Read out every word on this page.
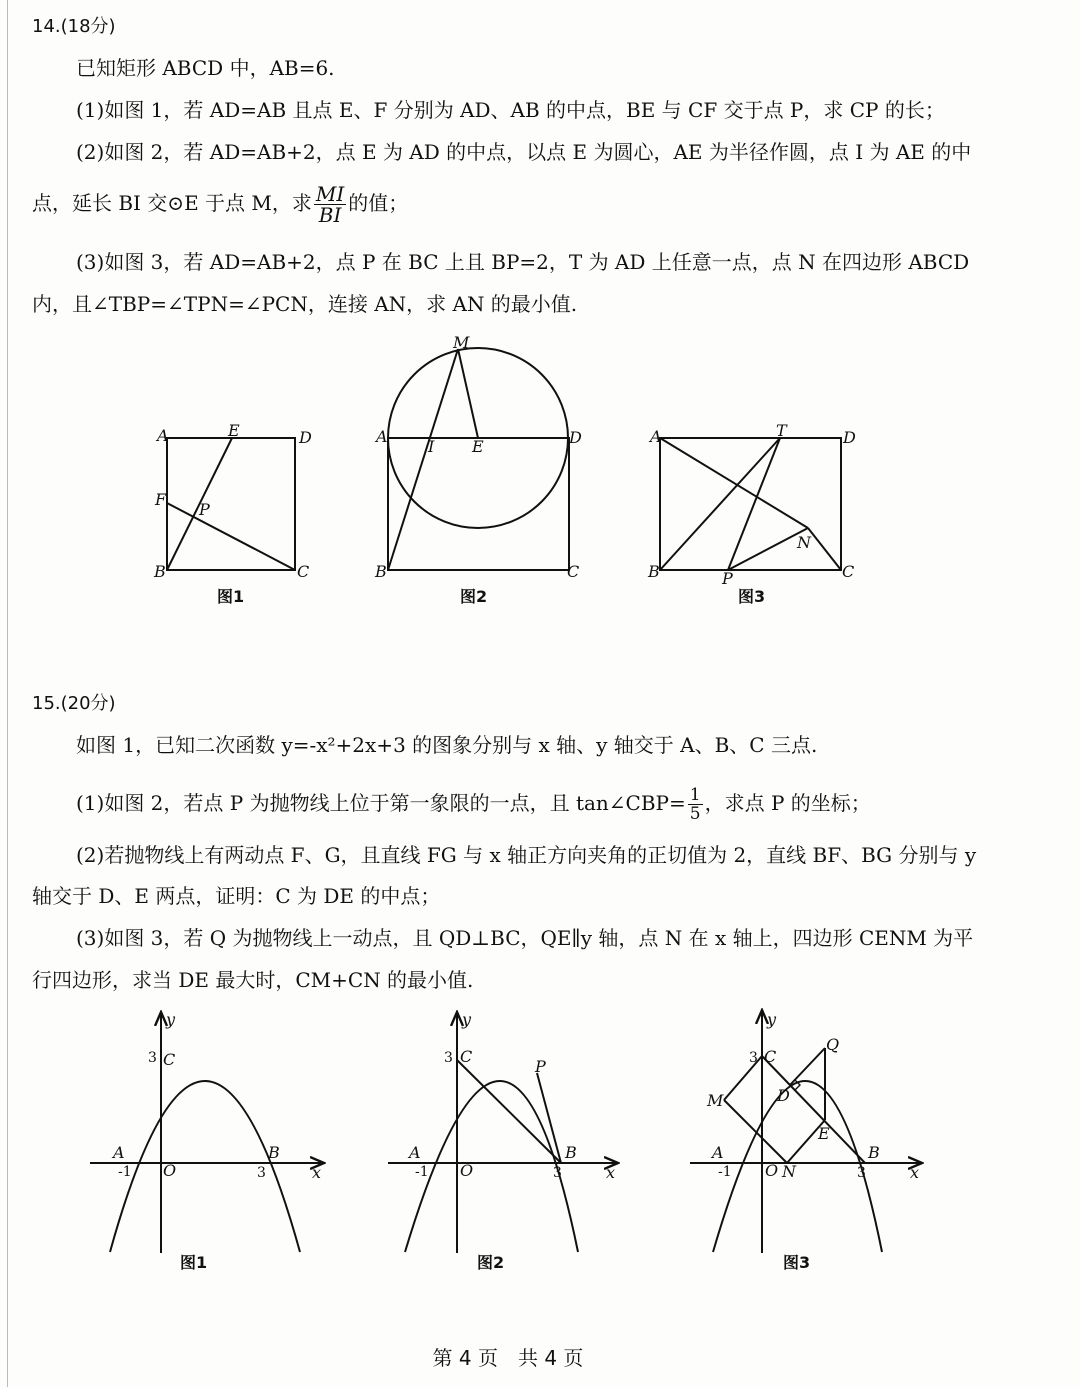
14.(18分)
已知矩形 ABCD 中，AB=6.
(1)如图 1，若 AD=AB 且点 E、F 分别为 AD、AB 的中点，BE 与 CF 交于点 P，求 CP 的长；
(2)如图 2，若 AD=AB+2，点 E 为 AD 的中点，以点 E 为圆心，AE 为半径作圆，点 I 为 AE 的中
点，延长 BI 交⊙E 于点 M，求 $\frac{MI}{BI}$ 的值；
(3)如图 3，若 AD=AB+2，点 P 在 BC 上且 BP=2，T 为 AD 上任意一点，点 N 在四边形 ABCD
内，且∠TBP=∠TPN=∠PCN，连接 AN，求 AN 的最小值.
A	E	D
F
P
B	C
图1
M
A
I E	D
B	C
图2
A	T	D
N
B	P	C
图3
15.(20分)
如图 1，已知二次函数 y=-x²+2x+3 的图象分别与 x 轴、y 轴交于 A、B、C 三点.
(1)如图 2，若点 P 为抛物线上位于第一象限的一点，且 tan∠CBP= $\frac{1}{5}$ ，求点 P 的坐标；
(2)若抛物线上有两动点 F、G，且直线 FG 与 x 轴正方向夹角的正切值为 2，直线 BF、BG 分别与 y
轴交于 D、E 两点，证明：C 为 DE 的中点；
(3)如图 3，若 Q 为抛物线上一动点，且 QD⊥BC，QE∥y 轴，点 N 在 x 轴上，四边形 CENM 为平
行四边形，求当 DE 最大时，CM+CN 的最小值.
y
x
3 C
A
-1 O
B
3
图1
y
x
3 C
P
A
-1 O
B
3
图2
y
x
3 C
Q
M	D
E
A
-1 O N
B
3
图3
第 4 页　共 4 页
